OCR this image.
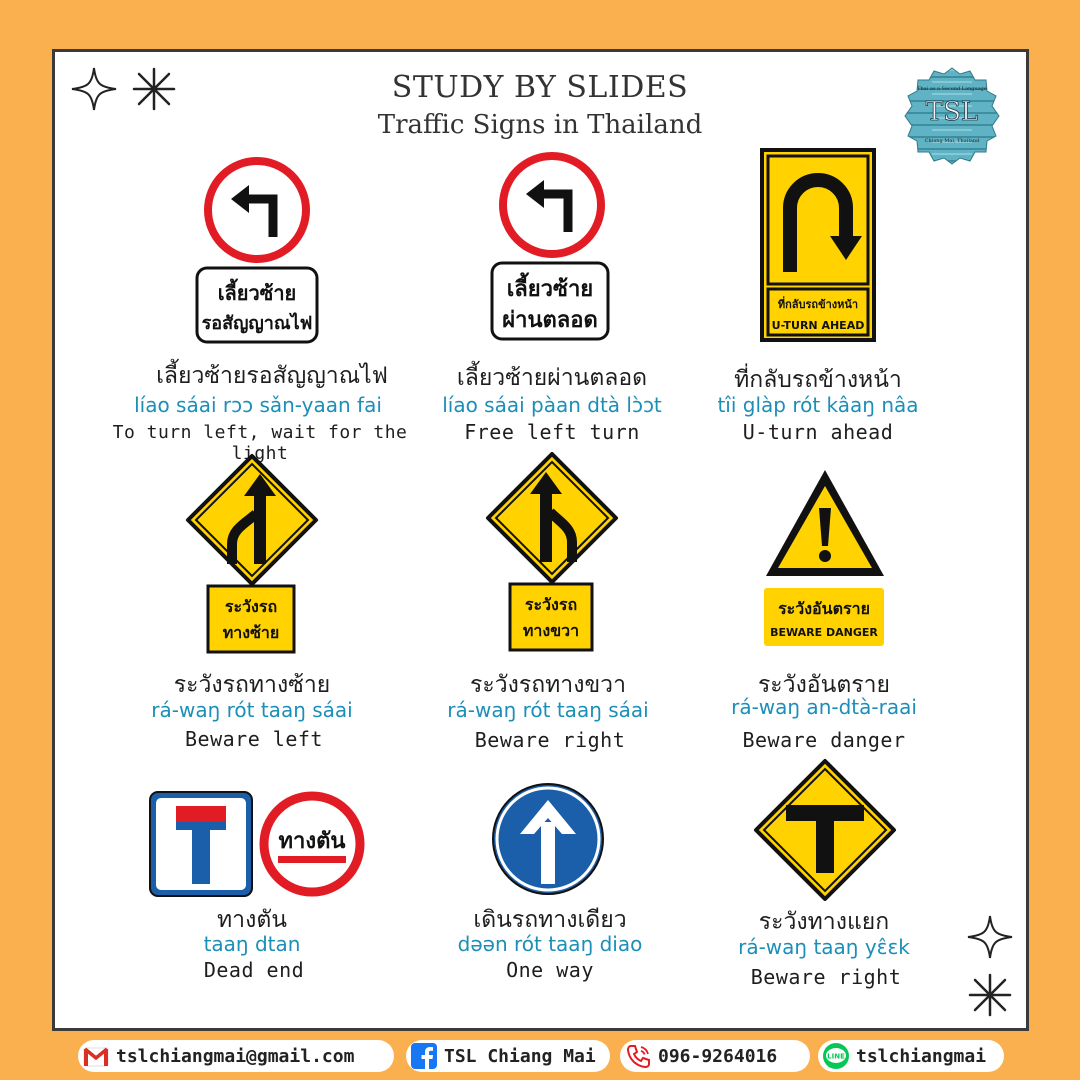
STUDY BY SLIDES
Traffic Signs in Thailand
Thai as a Second Language
TSL
Chiang Mai, Thailand
เลี้ยวซ้าย
รอสัญญาณไฟ
เลี้ยวซ้ายรอสัญญาณไฟ
líao sáai rɔɔ sǎn-yaan fai
To turn left, wait for the light
เลี้ยวซ้าย
ผ่านตลอด
เลี้ยวซ้ายผ่านตลอด
líao sáai pàan dtà lɔ̀ɔt
Free left turn
ที่กลับรถข้างหน้า
U-TURN AHEAD
ที่กลับรถข้างหน้า
tîi glàp rót kâaŋ nâa
U-turn ahead
ระวังรถ
ทางซ้าย
ระวังรถทางซ้าย
rá-waŋ rót taaŋ sáai
Beware left
ระวังรถ
ทางขวา
ระวังรถทางขวา
rá-waŋ rót taaŋ sáai
Beware right
ระวังอันตราย
BEWARE DANGER
ระวังอันตราย
rá-waŋ an-dtà-raai
Beware danger
ทางตัน
ทางตัน
taaŋ dtan
Dead end
เดินรถทางเดียว
dəən rót taaŋ diao
One way
ระวังทางแยก
rá-waŋ taaŋ yɛ̂ɛk
Beware right
tslchiangmai@gmail.com	TSL Chiang Mai	096-9264016	LINE tslchiangmai
